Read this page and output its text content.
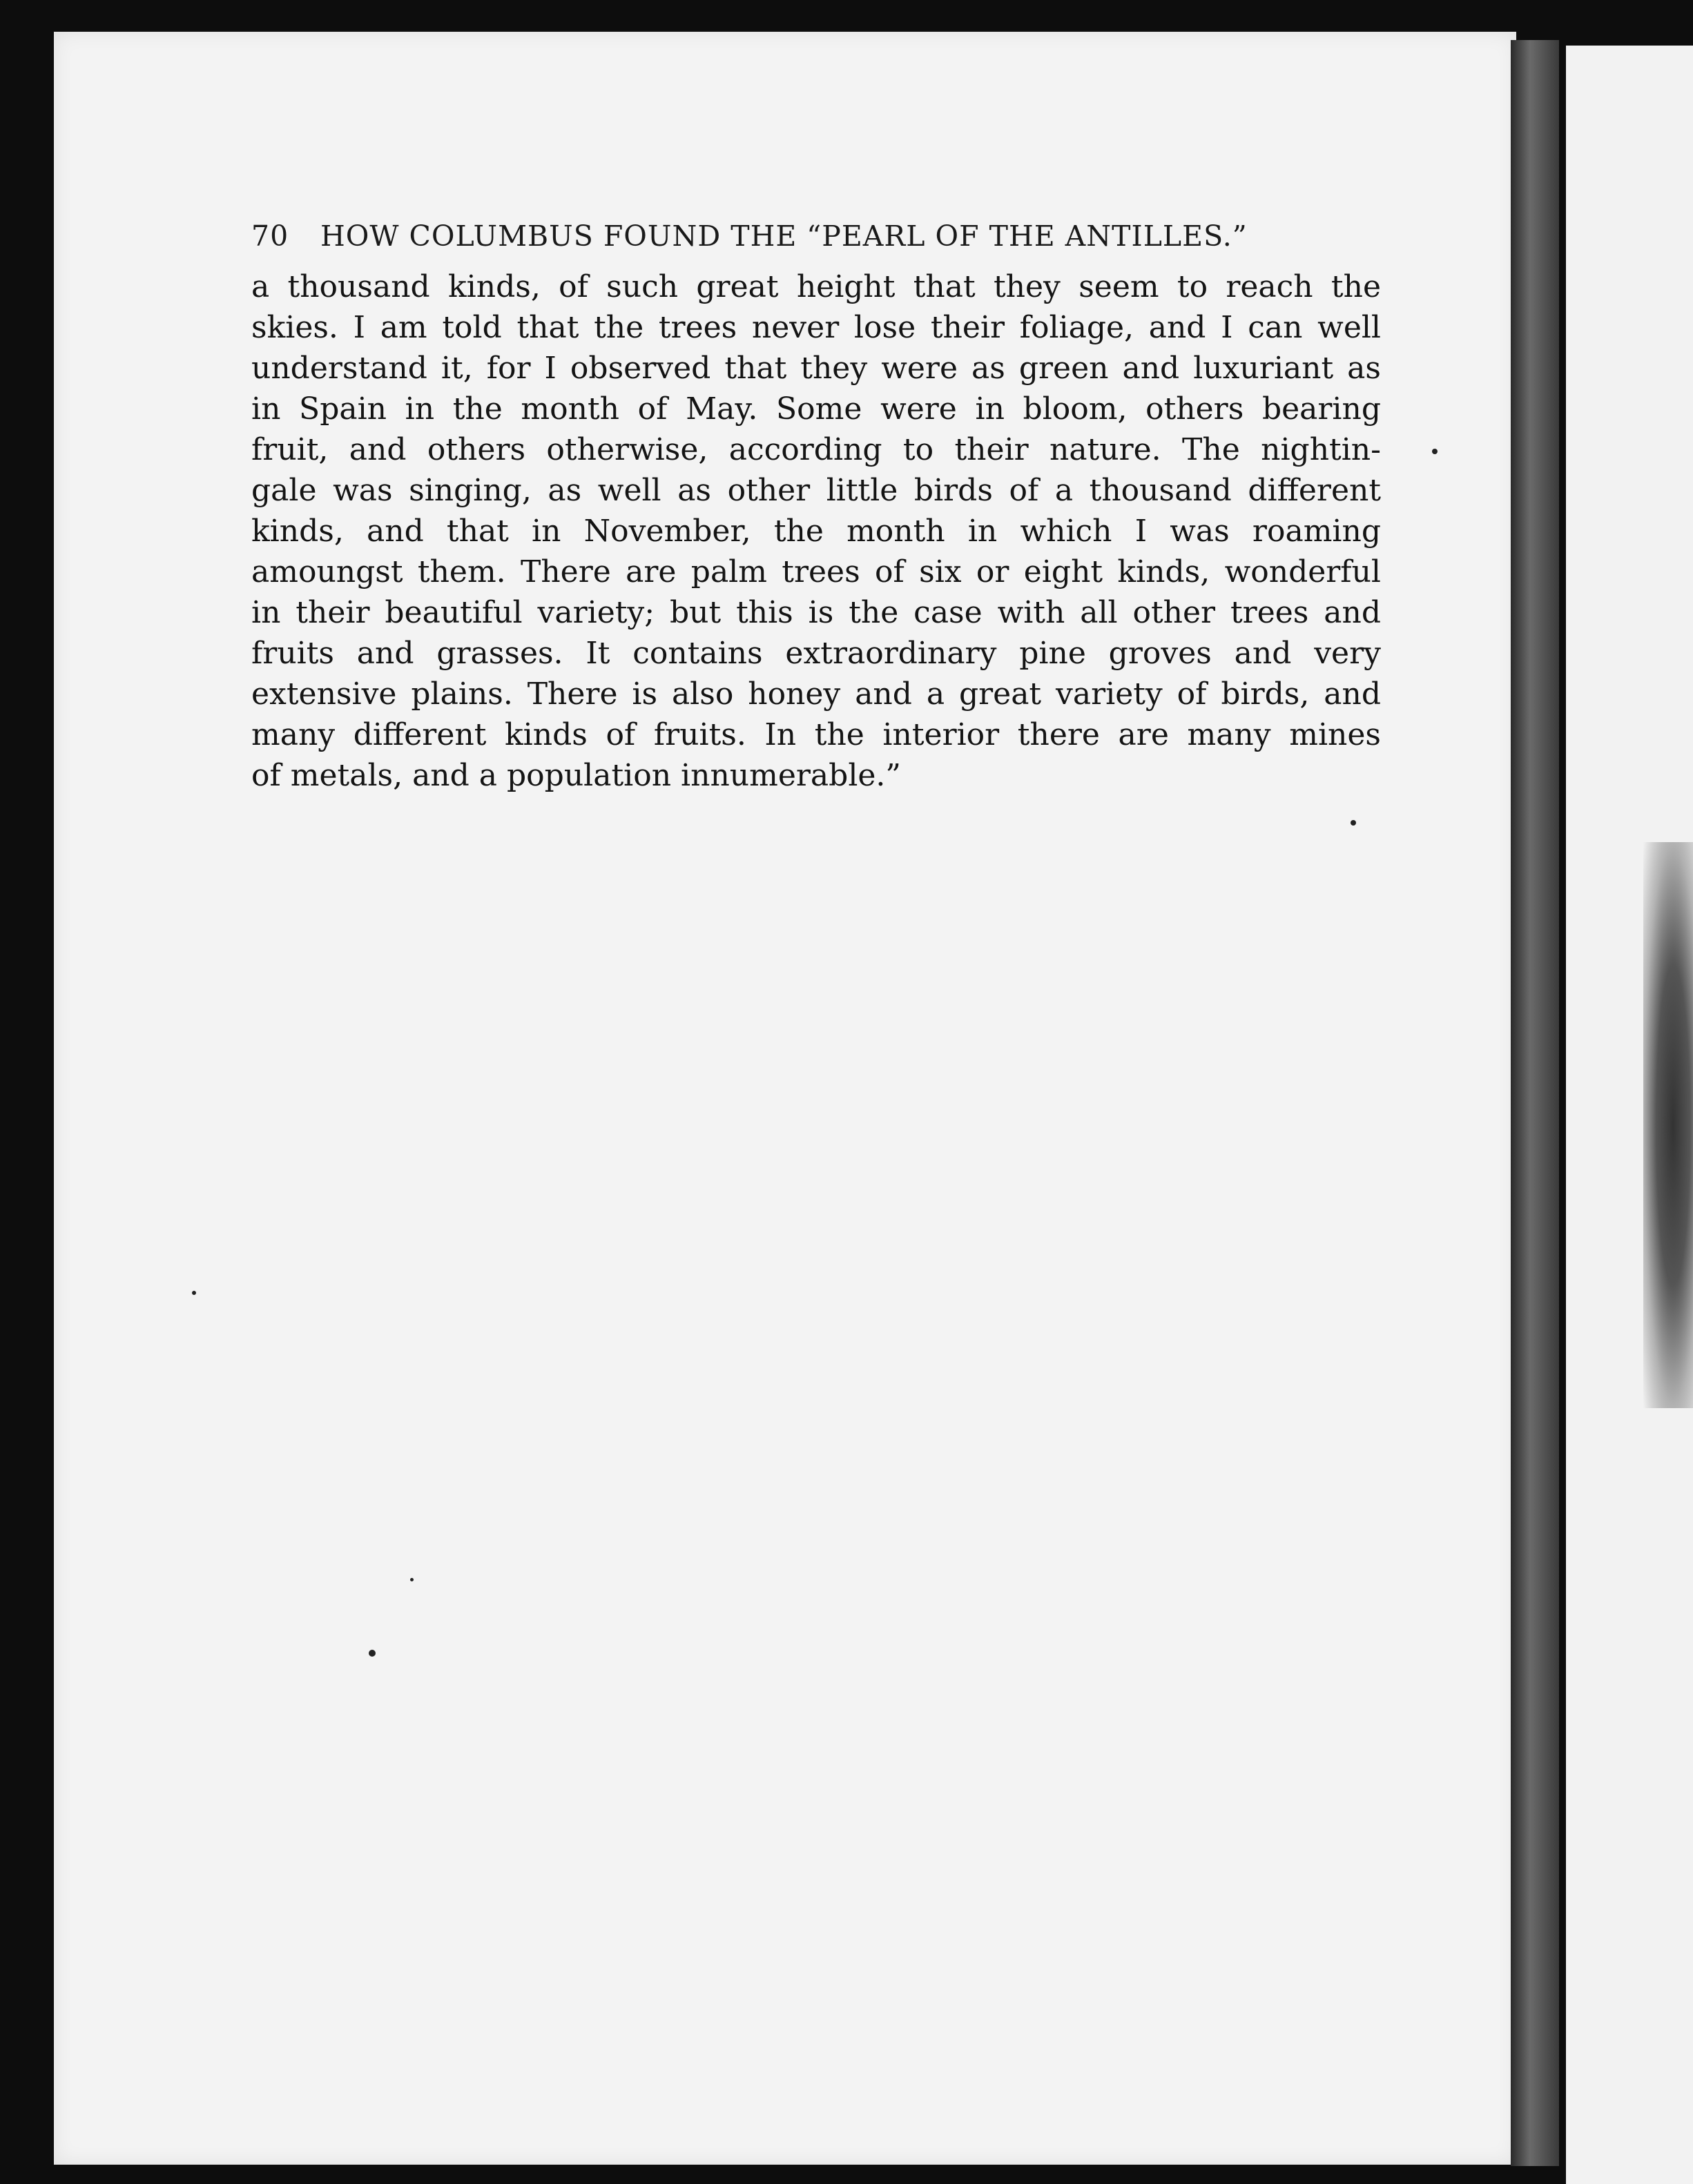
70 HOW COLUMBUS FOUND THE “PEARL OF THE ANTILLES.”
a thousand kinds, of such great height that they seem to reach the
skies. I am told that the trees never lose their foliage, and I can well
understand it, for I observed that they were as green and luxuriant as
in Spain in the month of May. Some were in bloom, others bearing
fruit, and others otherwise, according to their nature. The nightin-
gale was singing, as well as other little birds of a thousand different
kinds, and that in November, the month in which I was roaming
amoungst them. There are palm trees of six or eight kinds, wonderful
in their beautiful variety; but this is the case with all other trees and
fruits and grasses. It contains extraordinary pine groves and very
extensive plains. There is also honey and a great variety of birds, and
many different kinds of fruits. In the interior there are many mines
of metals, and a population innumerable.”
